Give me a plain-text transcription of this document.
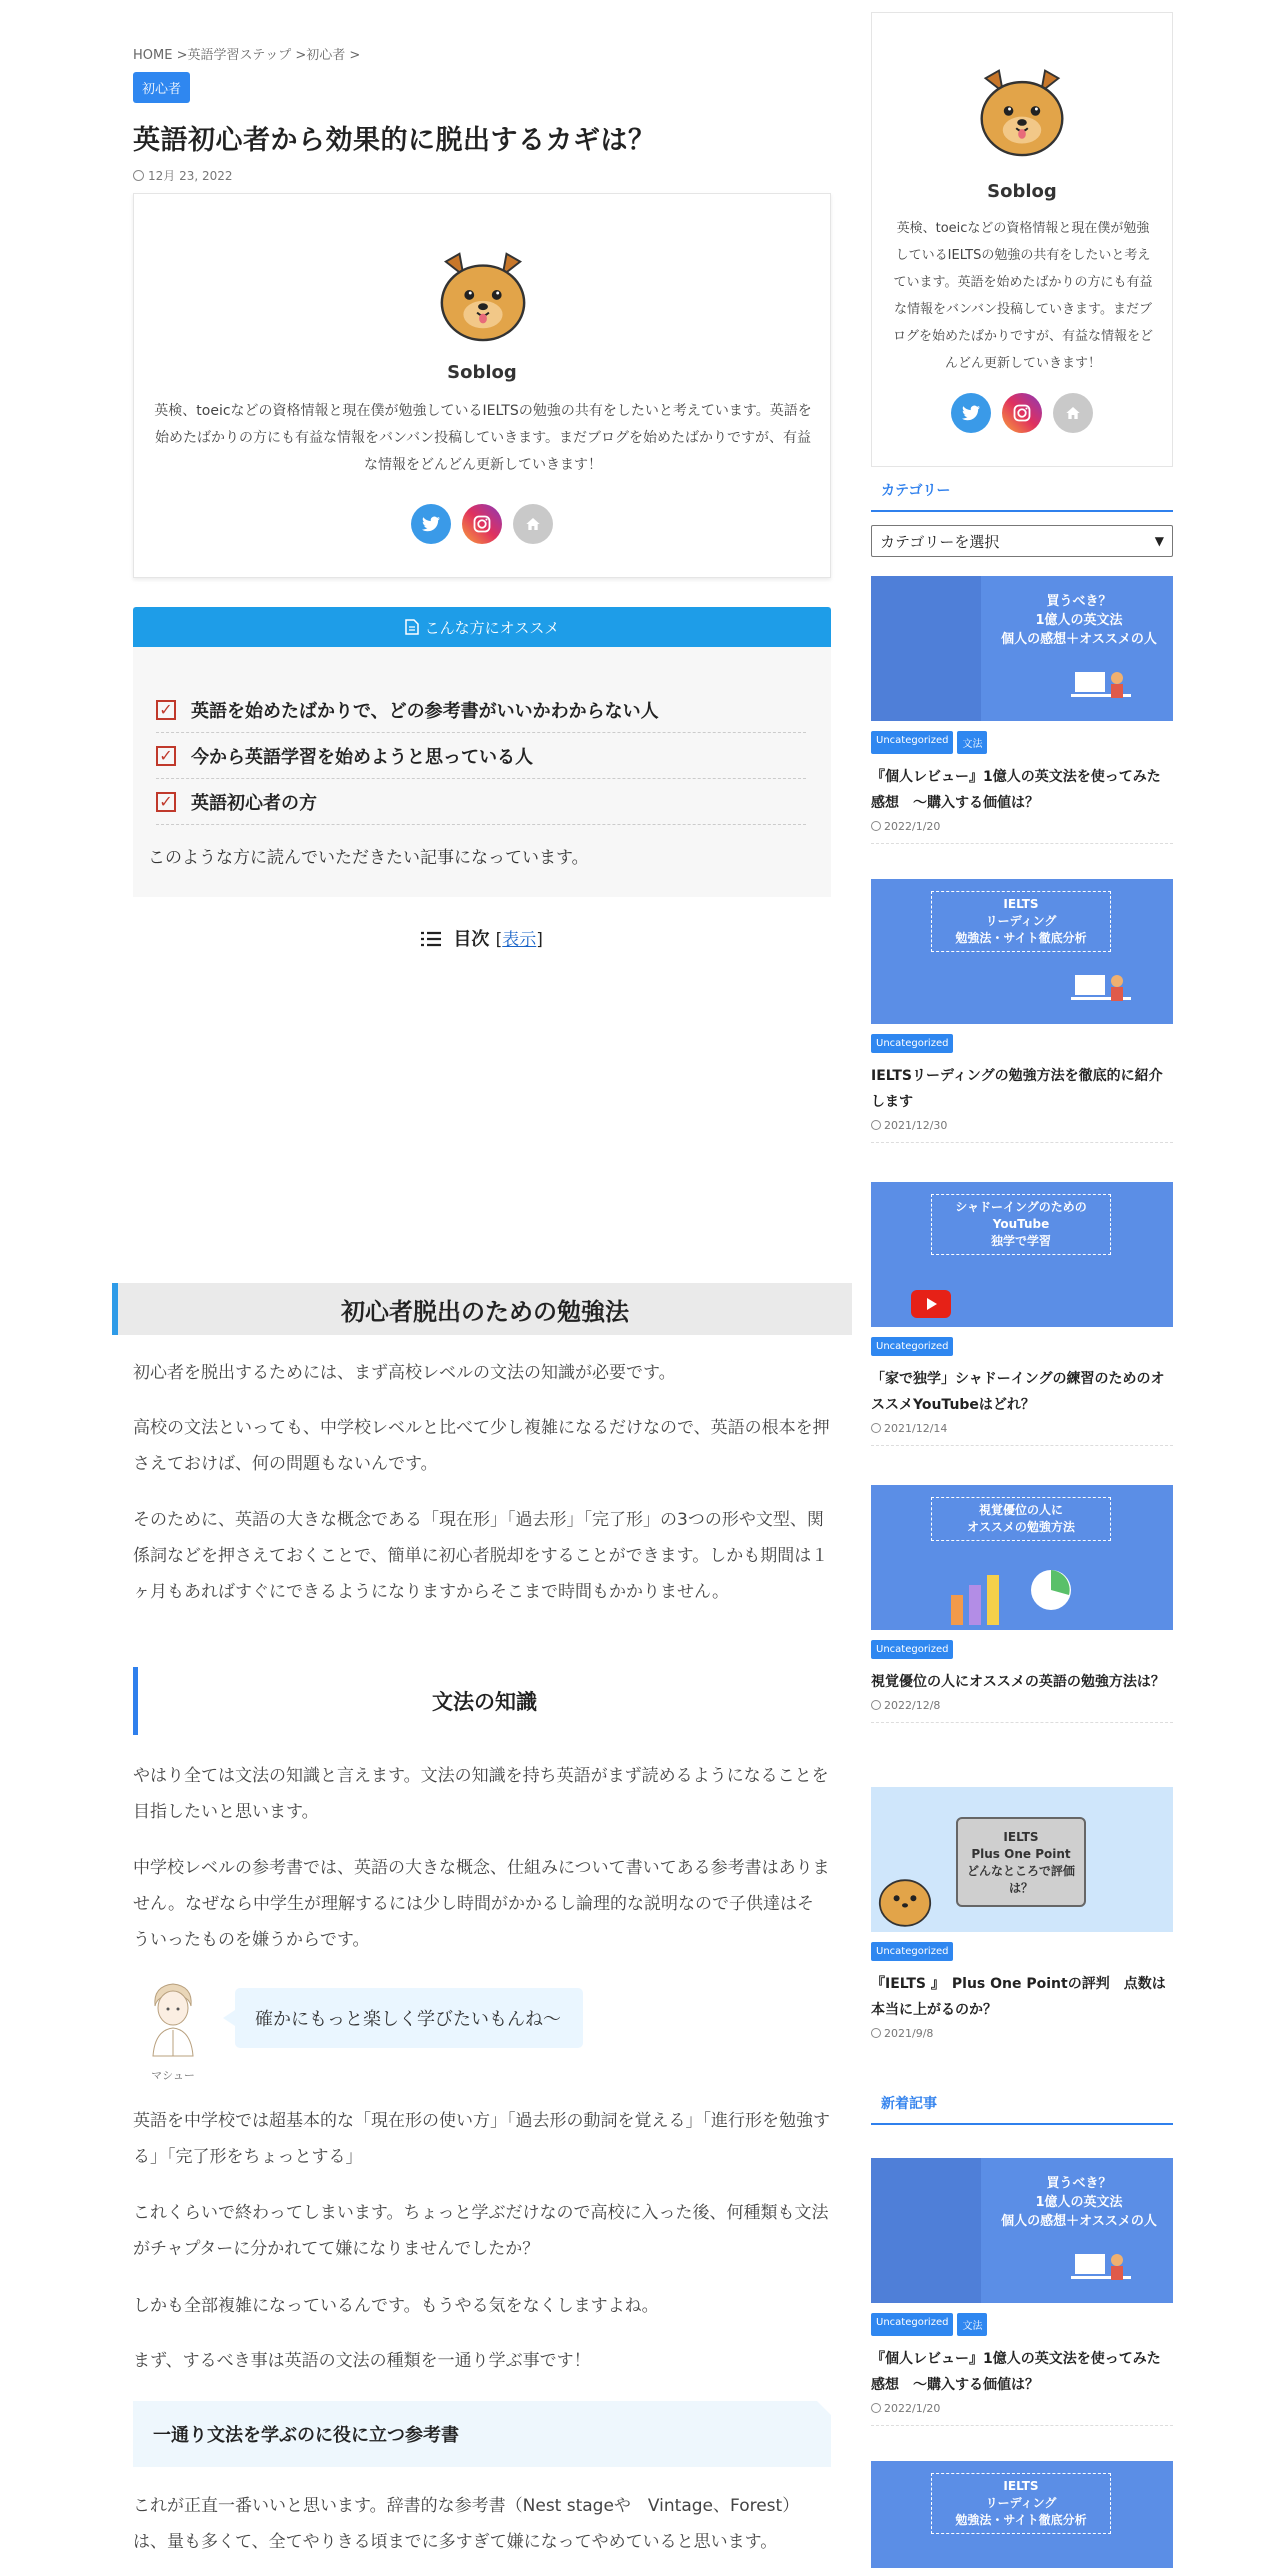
HOME >英語学習ステップ >初心者 >
初心者
英語初心者から効果的に脱出するカギは？
12月 23, 2022
Soblog
英検、toeicなどの資格情報と現在僕が勉強しているIELTSの勉強の共有をしたいと考えています。英語を始めたばかりの方にも有益な情報をバンバン投稿していきます。まだブログを始めたばかりですが、有益な情報をどんどん更新していきます！
こんな方にオススメ
✓ 英語を始めたばかりで、どの参考書がいいかわからない人
✓ 今から英語学習を始めようと思っている人
✓ 英語初心者の方
このような方に読んでいただきたい記事になっています。
目次 [表示]
初心者脱出のための勉強法

初心者を脱出するためには、まず高校レベルの文法の知識が必要です。

高校の文法といっても、中学校レベルと比べて少し複雑になるだけなので、英語の根本を押さえておけば、何の問題もないんです。

そのために、英語の大きな概念である「現在形」「過去形」「完了形」の3つの形や文型、関係詞などを押さえておくことで、簡単に初心者脱却をすることができます。しかも期間は１ヶ月もあればすぐにできるようになりますからそこまで時間もかかりません。

文法の知識

やはり全ては文法の知識と言えます。文法の知識を持ち英語がまず読めるようになることを目指したいと思います。

中学校レベルの参考書では、英語の大きな概念、仕組みについて書いてある参考書はありません。なぜなら中学生が理解するには少し時間がかかるし論理的な説明なので子供達はそういったものを嫌うからです。

マシュー
確かにもっと楽しく学びたいもんね〜

英語を中学校では超基本的な「現在形の使い方」「過去形の動詞を覚える」「進行形を勉強する」「完了形をちょっとする」

これくらいで終わってしまいます。ちょっと学ぶだけなので高校に入った後、何種類も文法がチャプターに分かれてて嫌になりませんでしたか？

しかも全部複雑になっているんです。もうやる気をなくしますよね。

まず、するべき事は英語の文法の種類を一通り学ぶ事です！

一通り文法を学ぶのに役に立つ参考書

これが正直一番いいと思います。辞書的な参考書（Nest stageや　Vintage、Forest）は、量も多くて、全てやりきる頃までに多すぎて嫌になってやめていると思います。

Soblog
英検、toeicなどの資格情報と現在僕が勉強しているIELTSの勉強の共有をしたいと考えています。英語を始めたばかりの方にも有益な情報をバンバン投稿していきます。まだブログを始めたばかりですが、有益な情報をどんどん更新していきます！
カテゴリー
カテゴリーを選択	▼
買うべき？
1億人の英文法
個人の感想＋オススメの人
Uncategorized	文法
『個人レビュー』1億人の英文法を使ってみた感想　〜購入する価値は？
2022/1/20
IELTS
リーディング
勉強法・サイト徹底分析
Uncategorized
IELTSリーディングの勉強方法を徹底的に紹介します
2021/12/30
シャドーイングのための
YouTube
独学で学習
Uncategorized
「家で独学」シャドーイングの練習のためのオススメYouTubeはどれ？
2021/12/14
視覚優位の人に
オススメの勉強方法
Uncategorized
視覚優位の人にオススメの英語の勉強方法は？
2022/12/8
IELTS
Plus One Point
どんなところで評価は？
Uncategorized
『IELTS 』　Plus One Pointの評判　点数は本当に上がるのか？
2021/9/8
新着記事
買うべき？
1億人の英文法
個人の感想＋オススメの人
Uncategorized	文法
『個人レビュー』1億人の英文法を使ってみた感想　〜購入する価値は？
2022/1/20
IELTS
リーディング
勉強法・サイト徹底分析
